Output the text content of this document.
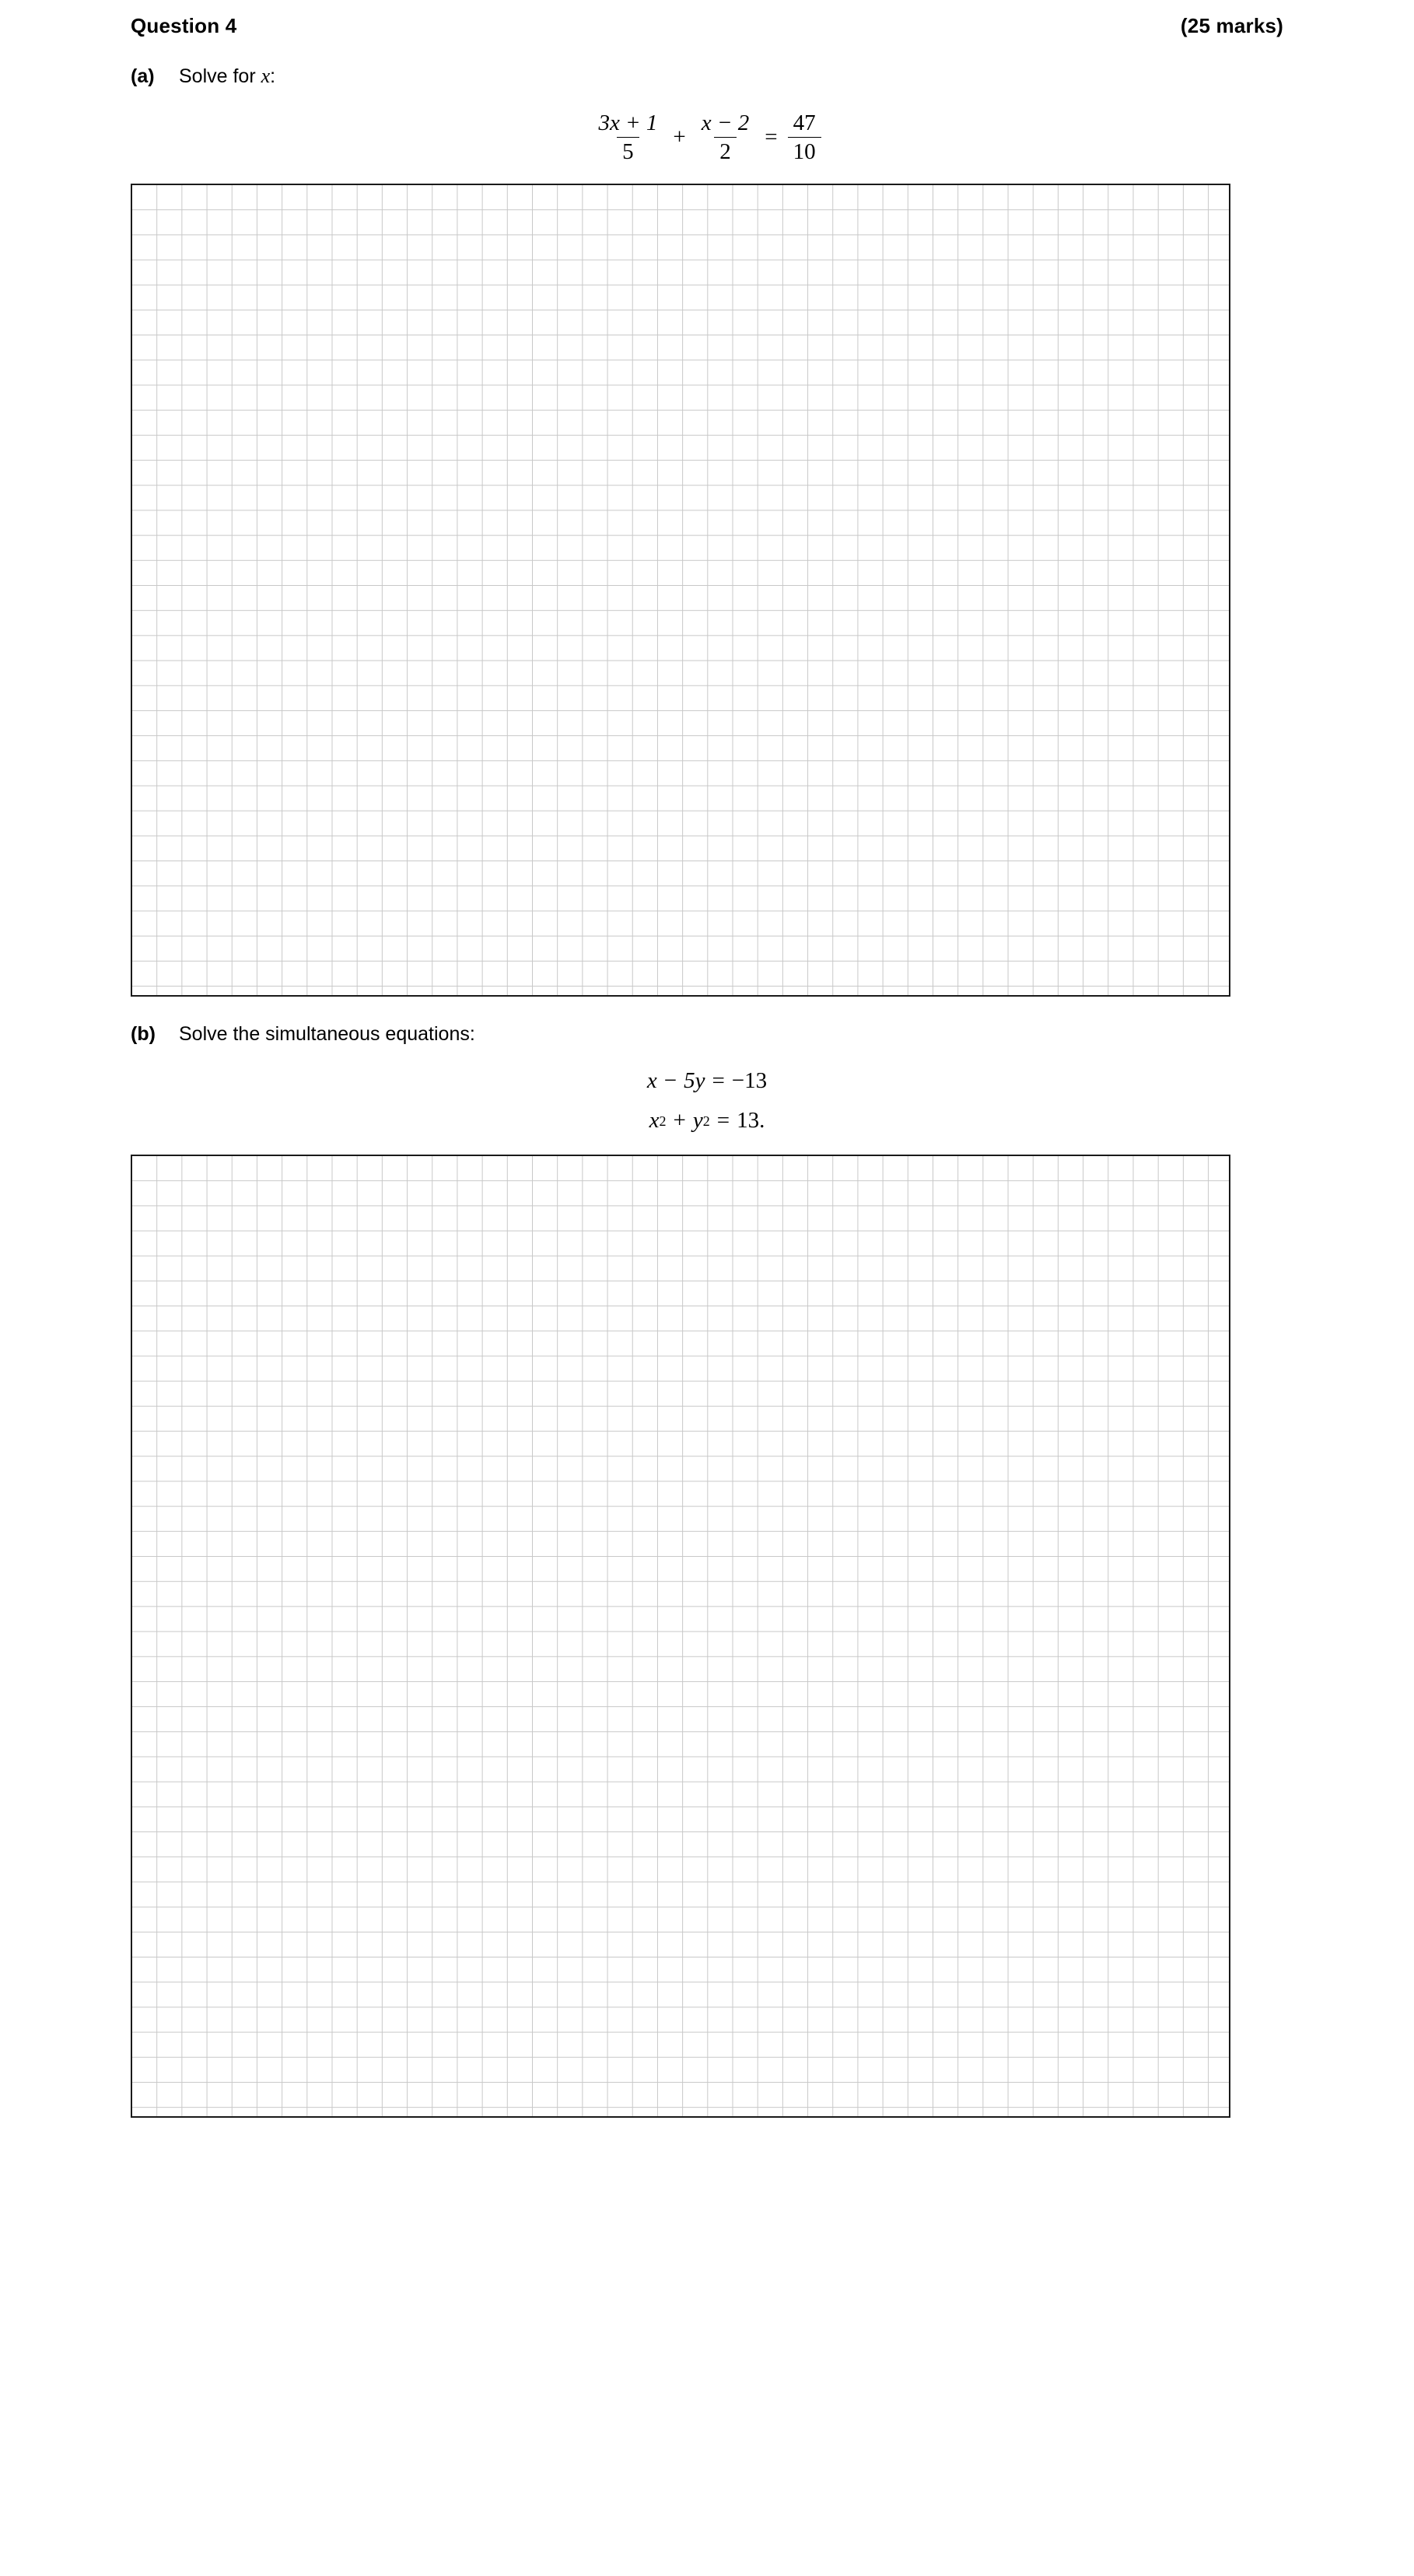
Question 4	(25 marks)
(a)	Solve for x:
$\frac{3x + 1}{5} + \frac{x - 2}{2} = \frac{47}{10}$
(b)	Solve the simultaneous equations:
x − 5y = −13
x 2 + y 2 = 13.
